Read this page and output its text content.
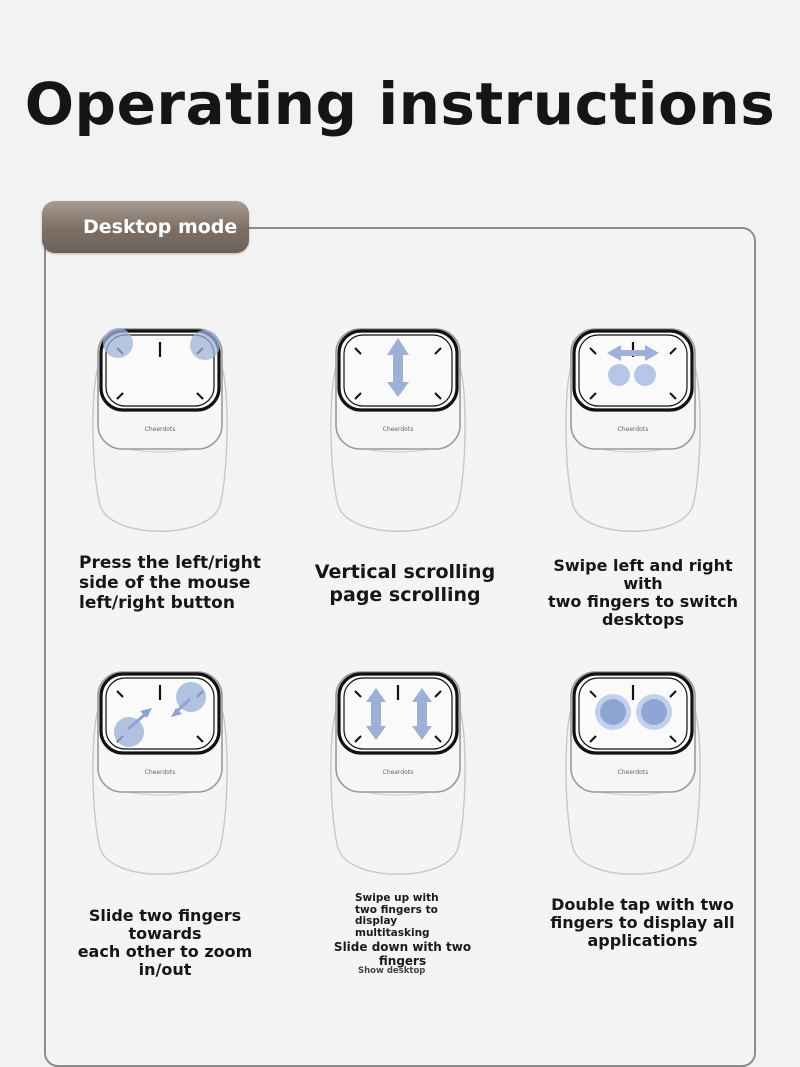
Operating instructions
Desktop mode
Cheerdots	Cheerdots	Cheerdots
Cheerdots	Cheerdots	Cheerdots
Press the left/right
side of the mouse
left/right button
Vertical scrolling
page scrolling
Swipe left and right with
two fingers to switch
desktops
Slide two fingers towards
each other to zoom in/out
Swipe up with
two fingers to
display
multitasking
Slide down with two
fingers
Show desktop
Double tap with two
fingers to display all
applications
